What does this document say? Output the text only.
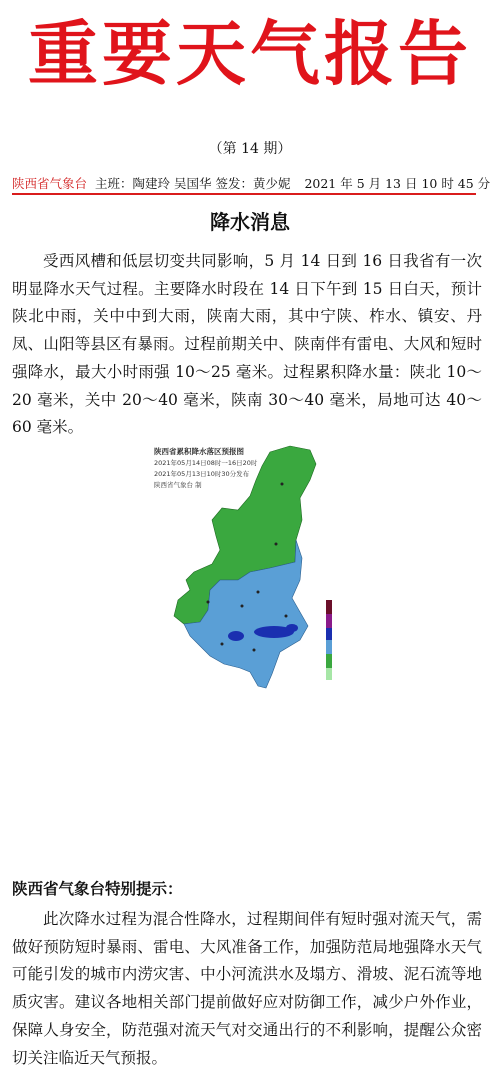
重要天气报告
（第 14 期）
陕西省气象台 主班：陶建玲 吴国华 签发：黄少妮 2021 年 5 月 13 日 10 时 45 分
降水消息

受西风槽和低层切变共同影响，5 月 14 日到 16 日我省有一次明显降水天气过程。主要降水时段在 14 日下午到 15 日白天，预计陕北中雨，关中中到大雨，陕南大雨，其中宁陕、柞水、镇安、丹凤、山阳等县区有暴雨。过程前期关中、陕南伴有雷电、大风和短时强降水，最大小时雨强 10～25 毫米。过程累积降水量：陕北 10～20 毫米，关中 20～40 毫米，陕南 30～40 毫米，局地可达 40～60 毫米。

陕西省累积降水落区预报图
2021年05月14日08时一16日20时
2021年05月13日10时30分发布
陕西省气象台 制
陕西省气象台特别提示：

此次降水过程为混合性降水，过程期间伴有短时强对流天气，需做好预防短时暴雨、雷电、大风准备工作，加强防范局地强降水天气可能引发的城市内涝灾害、中小河流洪水及塌方、滑坡、泥石流等地质灾害。建议各地相关部门提前做好应对防御工作，减少户外作业，保障人身安全，防范强对流天气对交通出行的不利影响，提醒公众密切关注临近天气预报。
